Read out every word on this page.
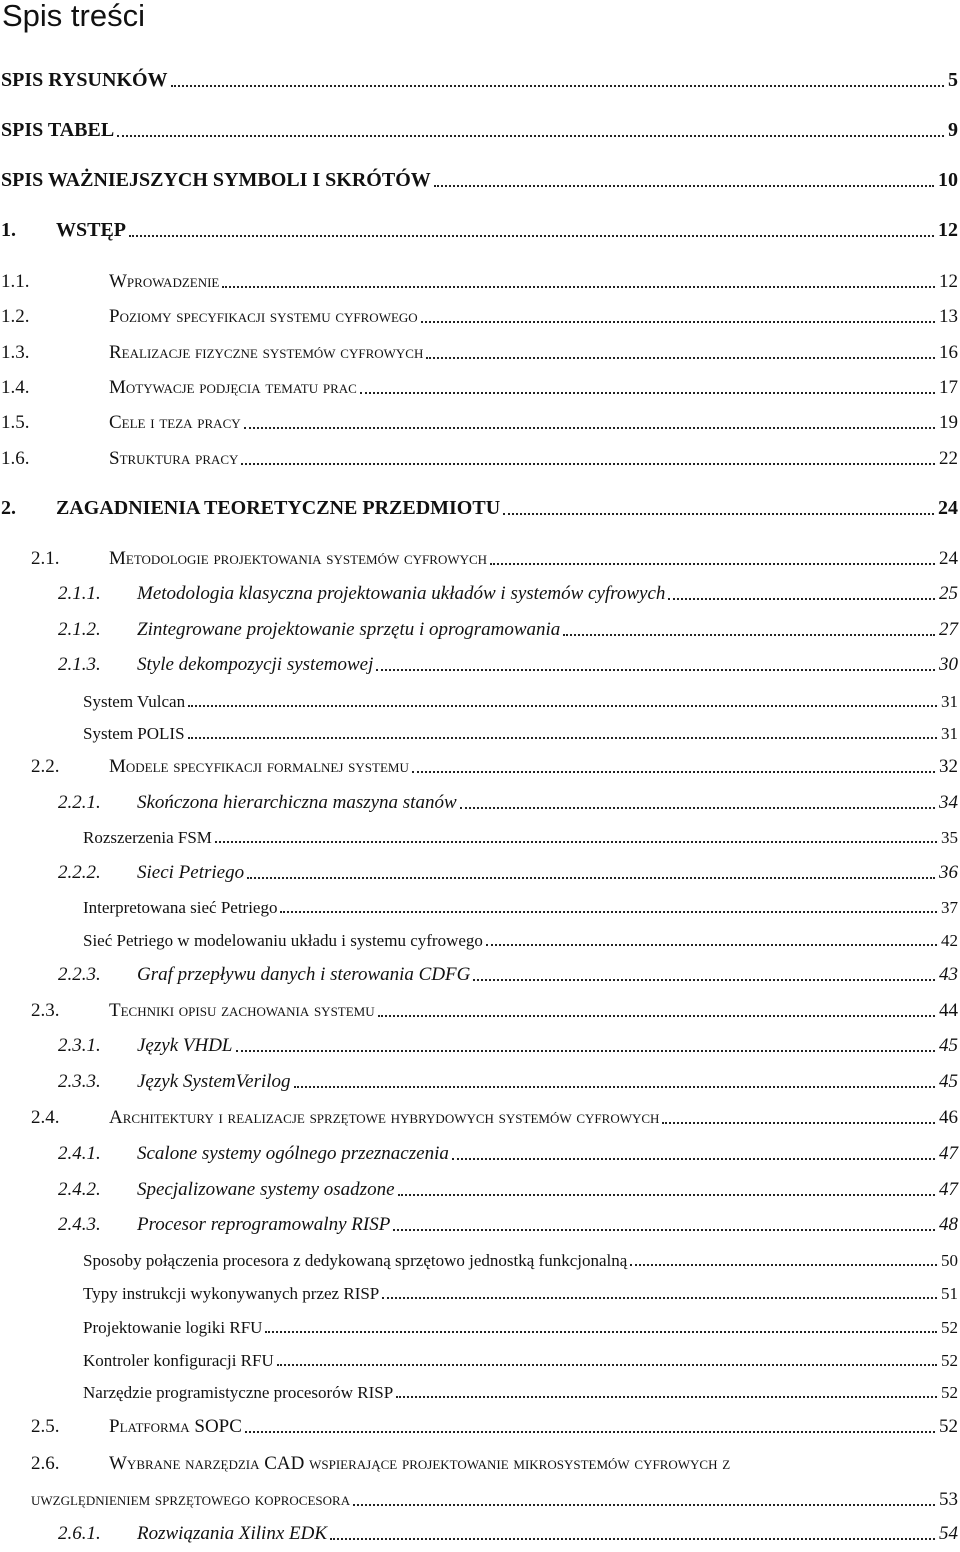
Spis treści
SPIS RYSUNKÓW	5
SPIS TABEL	9
SPIS WAŻNIEJSZYCH SYMBOLI I SKRÓTÓW	10
1. WSTĘP	12
1.1.	Wprowadzenie	12
1.2.	Poziomy specyfikacji systemu cyfrowego	13
1.3.	Realizacje fizyczne systemów cyfrowych	16
1.4.	Motywacje podjęcia tematu prac	17
1.5.	Cele i teza pracy	19
1.6.	Struktura pracy	22
2. ZAGADNIENIA TEORETYCZNE PRZEDMIOTU	24
2.1.	Metodologie projektowania systemów cyfrowych	24
2.1.1. Metodologia klasyczna projektowania układów i systemów cyfrowych	25
2.1.2. Zintegrowane projektowanie sprzętu i oprogramowania	27
2.1.3. Style dekompozycji systemowej	30
System Vulcan	31
System POLIS	31
2.2.	Modele specyfikacji formalnej systemu	32
2.2.1. Skończona hierarchiczna maszyna stanów	34
Rozszerzenia FSM	35
2.2.2. Sieci Petriego	36
Interpretowana sieć Petriego	37
Sieć Petriego w modelowaniu układu i systemu cyfrowego	42
2.2.3. Graf przepływu danych i sterowania CDFG	43
2.3.	Techniki opisu zachowania systemu	44
2.3.1. Język VHDL	45
2.3.3. Język SystemVerilog	45
2.4.	Architektury i realizacje sprzętowe hybrydowych systemów cyfrowych	46
2.4.1. Scalone systemy ogólnego przeznaczenia	47
2.4.2. Specjalizowane systemy osadzone	47
2.4.3. Procesor reprogramowalny RISP	48
Sposoby połączenia procesora z dedykowaną sprzętowo jednostką funkcjonalną	50
Typy instrukcji wykonywanych przez RISP	51
Projektowanie logiki RFU	52
Kontroler konfiguracji RFU	52
Narzędzie programistyczne procesorów RISP	52
2.5.	Platforma SOPC	52
2.6.	Wybrane narzędzia CAD wspierające projektowanie mikrosystemów cyfrowych z
uwzględnieniem sprzętowego koprocesora	53
2.6.1. Rozwiązania Xilinx EDK	54
